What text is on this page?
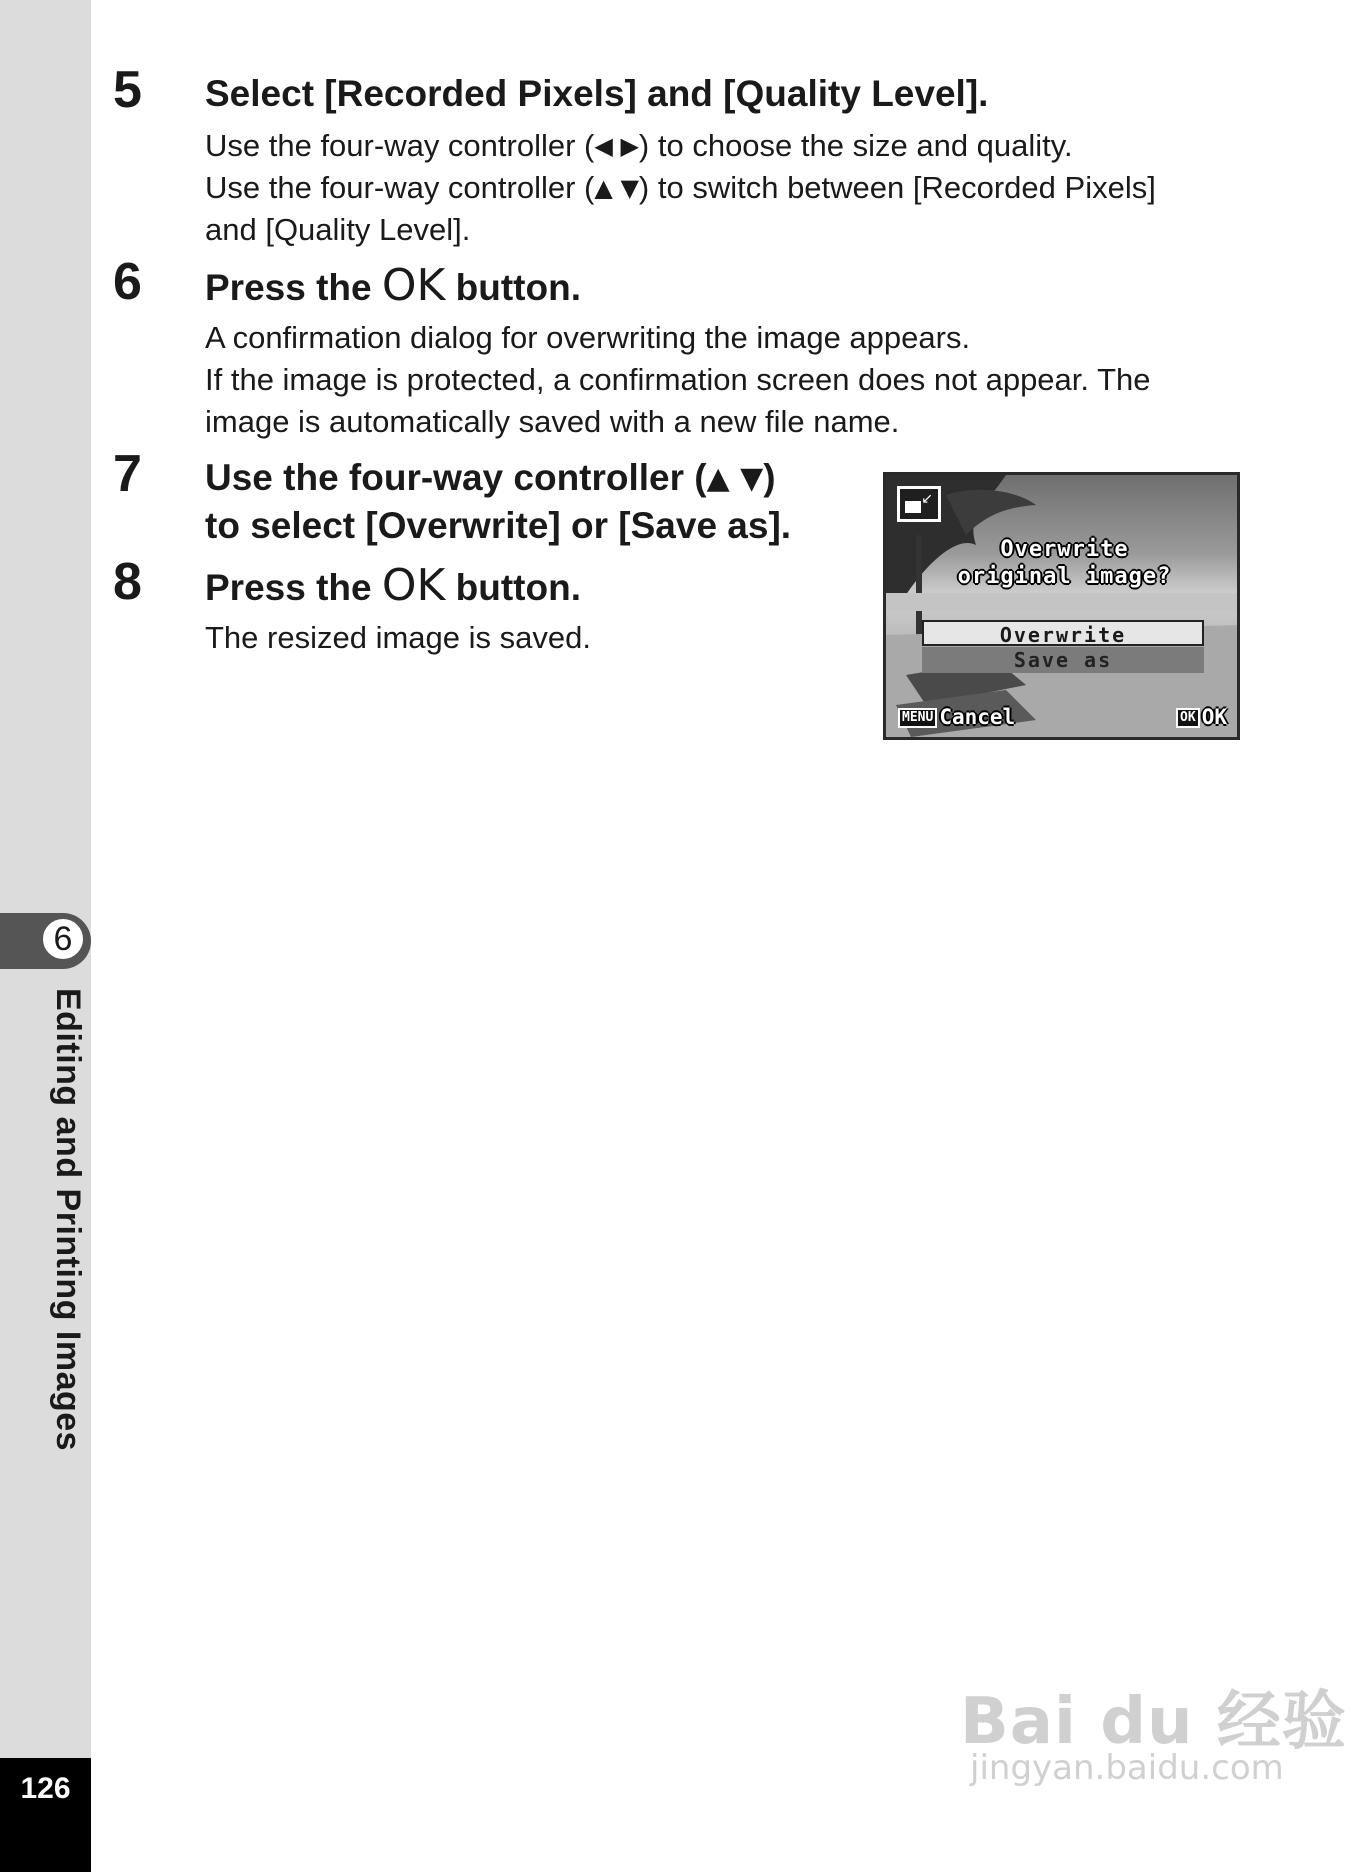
6
Editing and Printing Images
126
5 Select [Recorded Pixels] and [Quality Level].
Use the four-way controller (◀ ▶) to choose the size and quality.
Use the four-way controller (▲ ▼) to switch between [Recorded Pixels]
and [Quality Level].
6 Press the OK button.
A confirmation dialog for overwriting the image appears.
If the image is protected, a confirmation screen does not appear. The
image is automatically saved with a new file name.
7 Use the four-way controller (▲ ▼)
to select [Overwrite] or [Save as].
8 Press the OK button.
The resized image is saved.
↙
Overwrite
original image?
Overwrite
Save as
MENU Cancel	OK OK
Bai du 经验
jingyan.baidu.com
